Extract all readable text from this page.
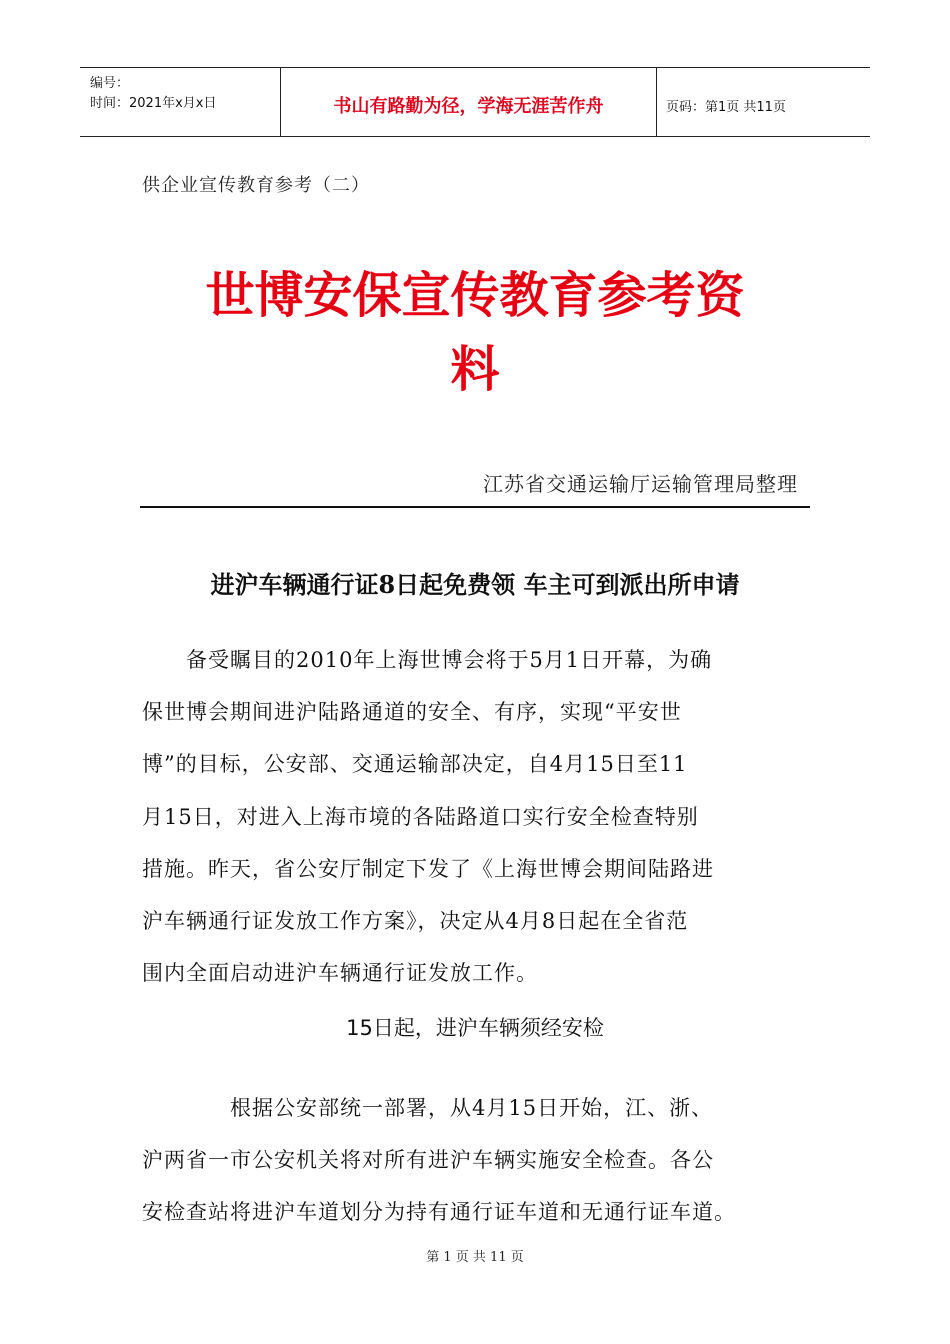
编号：
时间：2021年x月x日	书山有路勤为径，学海无涯苦作舟	页码：第1页 共11页
供企业宣传教育参考（二）
世博安保宣传教育参考资
料
江苏省交通运输厅运输管理局整理
进沪车辆通行证8日起免费领 车主可到派出所申请
　　备受瞩目的2010年上海世博会将于5月1日开幕，为确
保世博会期间进沪陆路通道的安全、有序，实现“平安世
博”的目标，公安部、交通运输部决定，自4月15日至11
月15日，对进入上海市境的各陆路道口实行安全检查特别
措施。昨天，省公安厅制定下发了《上海世博会期间陆路进
沪车辆通行证发放工作方案》，决定从4月8日起在全省范
围内全面启动进沪车辆通行证发放工作。
15日起，进沪车辆须经安检
　　　　根据公安部统一部署，从4月15日开始，江、浙、
沪两省一市公安机关将对所有进沪车辆实施安全检查。各公
安检查站将进沪车道划分为持有通行证车道和无通行证车道。
第 1 页 共 11 页
